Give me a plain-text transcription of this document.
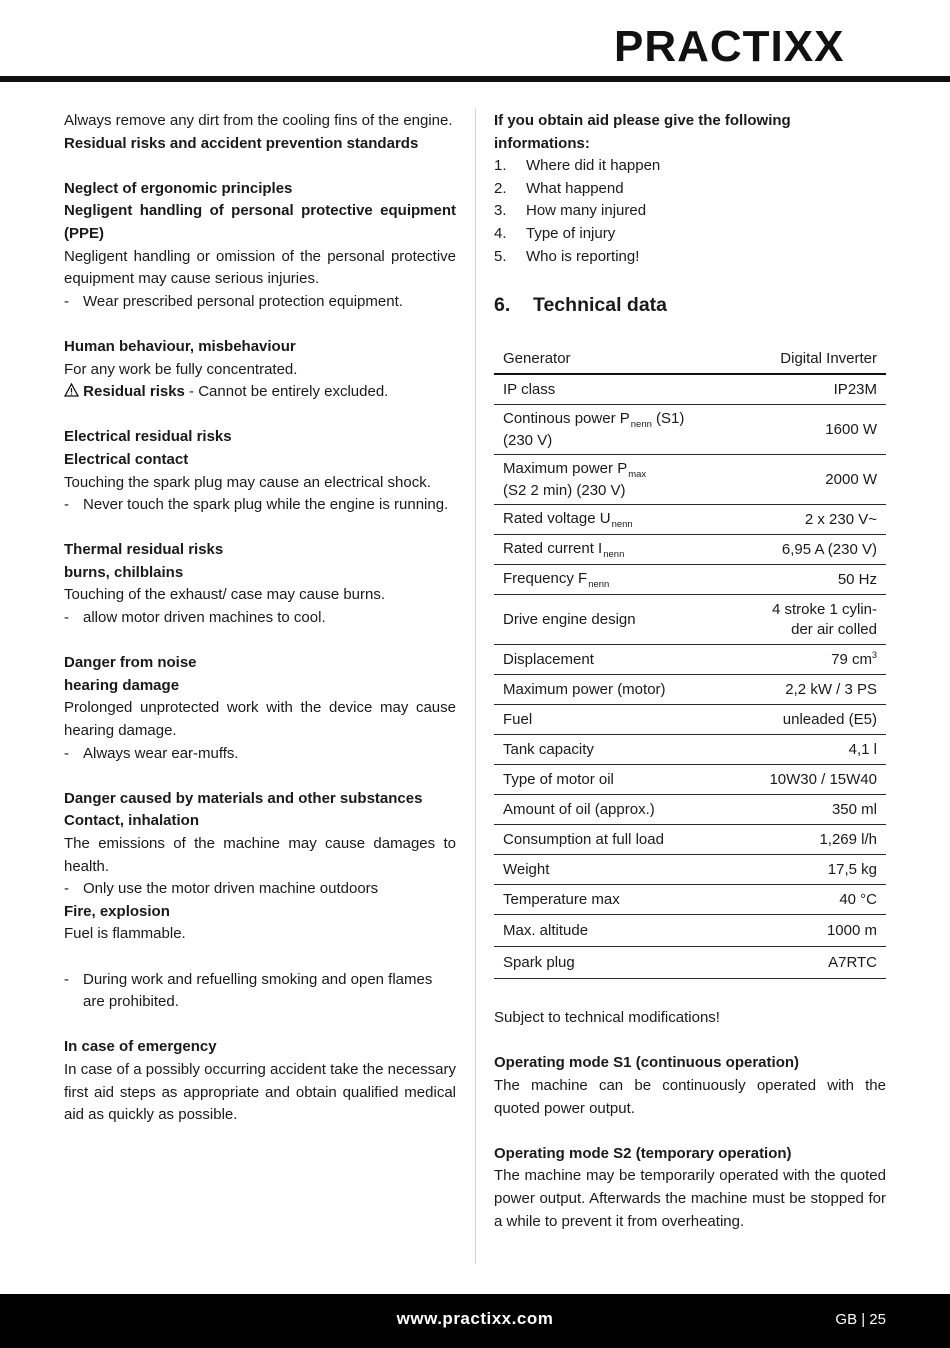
PRACTIXX

Always remove any dirt from the cooling fins of the engine.

Residual risks and accident prevention standards

Neglect of ergonomic principles

Negligent handling of personal protective equipment (PPE)

Negligent handling or omission of the personal protective equipment may cause serious injuries.

- Wear prescribed personal protection equipment.

Human behaviour, misbehaviour

For any work be fully concentrated.

Residual risks - Cannot be entirely excluded.

Electrical residual risks

Electrical contact

Touching the spark plug may cause an electrical shock.

- Never touch the spark plug while the engine is running.

Thermal residual risks

burns, chilblains

Touching of the exhaust/ case may cause burns.

- allow motor driven machines to cool.

Danger from noise

hearing damage

Prolonged unprotected work with the device may cause hearing damage.

- Always wear ear-muffs.

Danger caused by materials and other substances

Contact, inhalation

The emissions of the machine may cause damages to health.

- Only use the motor driven machine outdoors

Fire, explosion

Fuel is flammable.

- During work and refuelling smoking and open flames are prohibited.

In case of emergency

In case of a possibly occurring accident take the necessary first aid steps as appropriate and obtain qualified medical aid as quickly as possible.

If you obtain aid please give the following informations:

1.	Where did it happen
2.	What happend
3.	How many injured
4.	Type of injury
5.	Who is reporting!
6. Technical data
Generator	Digital Inverter
IP class	IP23M
Continous power $P_{nenn}$ (S1)
(230 V)	1600 W
Maximum power $P_{max}$
(S2 2 min) (230 V)	2000 W
Rated voltage $U_{nenn}$	2 x 230 V~
Rated current $I_{nenn}$	6,95 A (230 V)
Frequency $F_{nenn}$	50 Hz
Drive engine design	4 stroke 1 cylin-
der air colled
Displacement	79 $cm^3$
Maximum power (motor)	2,2 kW / 3 PS
Fuel	unleaded (E5)
Tank capacity	4,1 l
Type of motor oil	10W30 / 15W40
Amount of oil (approx.)	350 ml
Consumption at full load	1,269 l/h
Weight	17,5 kg
Temperature max	40 °C
Max. altitude	1000 m
Spark plug	A7RTC

Subject to technical modifications!

Operating mode S1 (continuous operation)

The machine can be continuously operated with the quoted power output.

Operating mode S2 (temporary operation)

The machine may be temporarily operated with the quoted power output. Afterwards the machine must be stopped for a while to prevent it from overheating.

www.practixx.com	GB | 25
